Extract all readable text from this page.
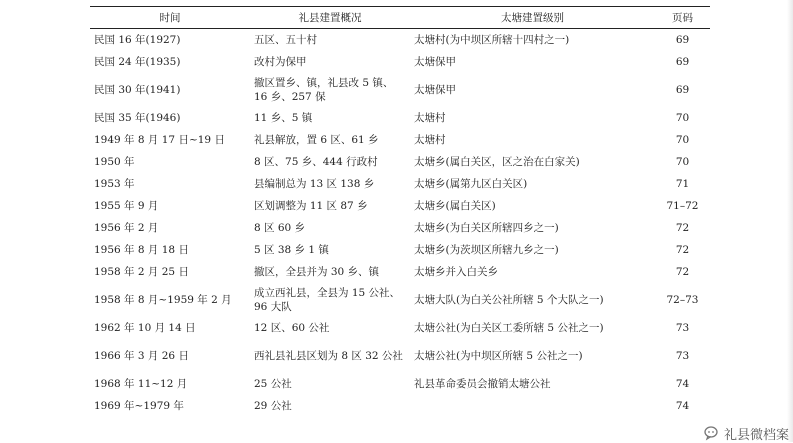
时间	礼县建置概况	太塘建置级别	页码
民国 16 年(1927)	五区、五十村	太塘村(为中坝区所辖十四村之一)	69
民国 24 年(1935)	改村为保甲	太塘保甲	69
民国 30 年(1941)	撤区置乡、镇，礼县改 5 镇、16 乡、257 保	太塘保甲	69
民国 35 年(1946)	11 乡、5 镇	太塘村	70
1949 年 8 月 17 日~19 日	礼县解放，置 6 区、61 乡	太塘村	70
1950 年	8 区、75 乡、444 行政村	太塘乡(属白关区，区之治在白家关)	70
1953 年	县编制总为 13 区 138 乡	太塘乡(属第九区白关区)	71
1955 年 9 月	区划调整为 11 区 87 乡	太塘乡(属白关区)	71–72
1956 年 2 月	8 区 60 乡	太塘乡(为白关区所辖四乡之一)	72
1956 年 8 月 18 日	5 区 38 乡 1 镇	太塘乡(为茨坝区所辖九乡之一)	72
1958 年 2 月 25 日	撤区，全县并为 30 乡、镇	太塘乡并入白关乡	72
1958 年 8 月~1959 年 2 月	成立西礼县，全县为 15 公社、96 大队	太塘大队(为白关公社所辖 5 个大队之一)	72–73
1962 年 10 月 14 日	12 区、60 公社	太塘公社(为白关区工委所辖 5 公社之一)	73
1966 年 3 月 26 日	西礼县礼县区划为 8 区 32 公社	太塘公社(为中坝区所辖 5 公社之一)	73
1968 年 11~12 月	25 公社	礼县革命委员会撤销太塘公社	74
1969 年~1979 年	29 公社		74
礼县微档案
